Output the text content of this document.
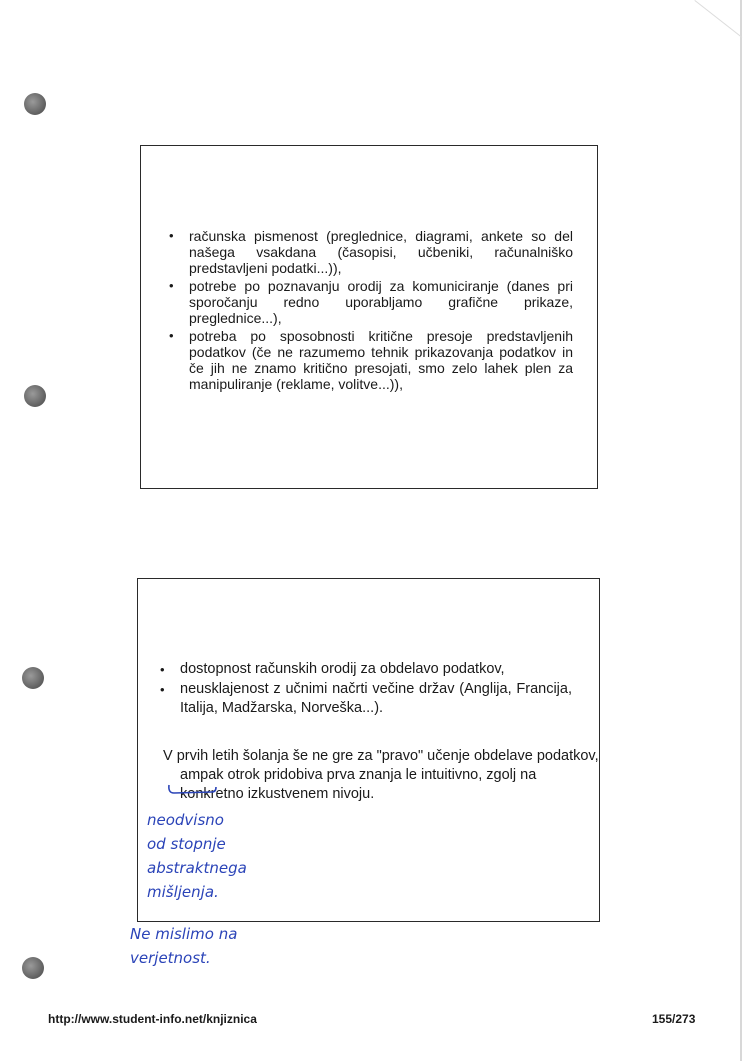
• računska pismenost (preglednice, diagrami, ankete so del našega vsakdana (časopisi, učbeniki, računalniško predstavljeni podatki...)),
• potrebe po poznavanju orodij za komuniciranje (danes pri sporočanju redno uporabljamo grafične prikaze, preglednice...),
• potreba po sposobnosti kritične presoje predstavljenih podatkov (če ne razumemo tehnik prikazovanja podatkov in če jih ne znamo kritično presojati, smo zelo lahek plen za manipuliranje (reklame, volitve...)),
• dostopnost računskih orodij za obdelavo podatkov,
• neusklajenost z učnimi načrti večine držav (Anglija, Francija, Italija, Madžarska, Norveška...).
V prvih letih šolanja še ne gre za "pravo" učenje obdelave podatkov, ampak otrok pridobiva prva znanja le intuitivno, zgolj na konkretno izkustvenem nivoju.
neodvisno
od stopnje
abstraktnega
mišljenja.
Ne mislimo na
verjetnost.
http://www.student-info.net/knjiznica	155/273
